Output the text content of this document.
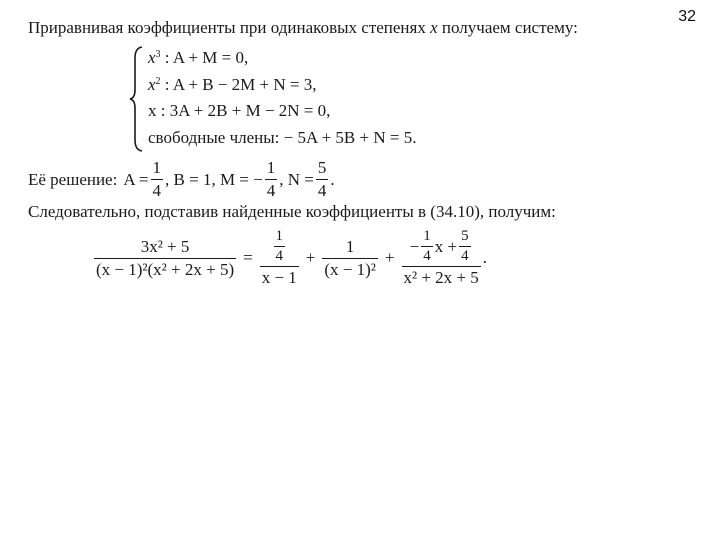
32
Приравнивая коэффициенты при одинаковых степенях x получаем систему:
$x^3$ : A + M = 0,
$x^2$ : A + B − 2M + N = 3,
x : 3A + 2B + M − 2N = 0,
свободные члены: − 5A + 5B + N = 5.
Её решение: $A = \frac{1}{4}$ , B = 1, M = − $\frac{1}{4}$ , $N = \frac{5}{4}$ .
Следовательно, подставив найденные коэффициенты в (34.10), получим:
$\frac{\text{3x² + 5}}{\text{(x − 1)²(x² + 2x + 5)}} = \frac{\frac{1}{4}}{x - 1} + \frac{1}{\text{(x − 1)²}}$ +
− $\frac{1}{4}$ $x + \frac{5}{4}$
x² + 2x + 5
.
